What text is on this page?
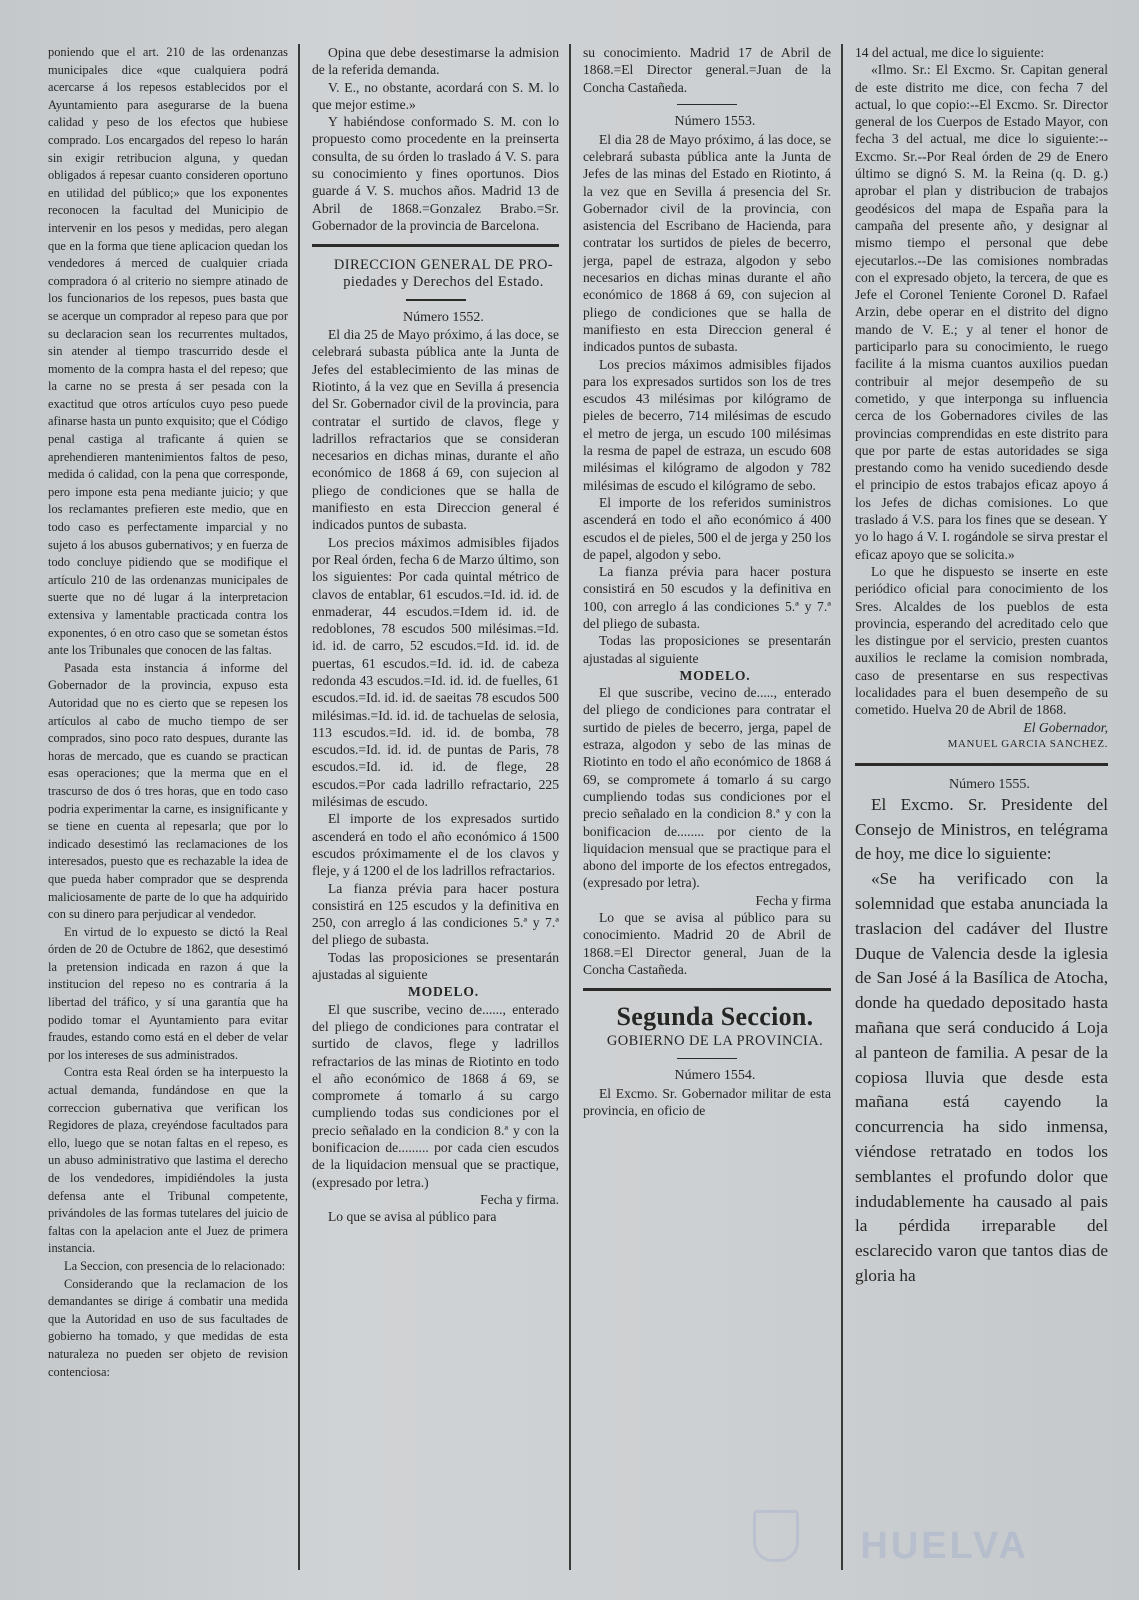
poniendo que el art. 210 de las ordenanzas municipales dice «que cualquiera podrá acercarse á los repesos establecidos por el Ayuntamiento para asegurarse de la buena calidad y peso de los efectos que hubiese comprado. Los encargados del repeso lo harán sin exigir retribucion alguna, y quedan obligados á repesar cuanto consideren oportuno en utilidad del público;» que los exponentes reconocen la facultad del Municipio de intervenir en los pesos y medidas, pero alegan que en la forma que tiene aplicacion quedan los vendedores á merced de cualquier criada compradora ó al criterio no siempre atinado de los funcionarios de los repesos, pues basta que se acerque un comprador al repeso para que por su declaracion sean los recurrentes multados, sin atender al tiempo trascurrido desde el momento de la compra hasta el del repeso; que la carne no se presta á ser pesada con la exactitud que otros artículos cuyo peso puede afinarse hasta un punto exquisito; que el Código penal castiga al traficante á quien se aprehendieren mantenimientos faltos de peso, medida ó calidad, con la pena que corresponde, pero impone esta pena mediante juicio; y que los reclamantes prefieren este medio, que en todo caso es perfectamente imparcial y no sujeto á los abusos gubernativos; y en fuerza de todo concluye pidiendo que se modifique el artículo 210 de las ordenanzas municipales de suerte que no dé lugar á la interpretacion extensiva y lamentable practicada contra los exponentes, ó en otro caso que se sometan éstos ante los Tribunales que conocen de las faltas.

Pasada esta instancia á informe del Gobernador de la provincia, expuso esta Autoridad que no es cierto que se repesen los artículos al cabo de mucho tiempo de ser comprados, sino poco rato despues, durante las horas de mercado, que es cuando se practican esas operaciones; que la merma que en el trascurso de dos ó tres horas, que en todo caso podria experimentar la carne, es insignificante y se tiene en cuenta al repesarla; que por lo indicado desestimó las reclamaciones de los interesados, puesto que es rechazable la idea de que pueda haber comprador que se desprenda maliciosamente de parte de lo que ha adquirido con su dinero para perjudicar al vendedor.

En virtud de lo expuesto se dictó la Real órden de 20 de Octubre de 1862, que desestimó la pretension indicada en razon á que la institucion del repeso no es contraria á la libertad del tráfico, y sí una garantía que ha podido tomar el Ayuntamiento para evitar fraudes, estando como está en el deber de velar por los intereses de sus administrados.

Contra esta Real órden se ha interpuesto la actual demanda, fundándose en que la correccion gubernativa que verifican los Regidores de plaza, creyéndose facultados para ello, luego que se notan faltas en el repeso, es un abuso administrativo que lastima el derecho de los vendedores, impidiéndoles la justa defensa ante el Tribunal competente, privándoles de las formas tutelares del juicio de faltas con la apelacion ante el Juez de primera instancia.

La Seccion, con presencia de lo relacionado:

Considerando que la reclamacion de los demandantes se dirige á combatir una medida que la Autoridad en uso de sus facultades de gobierno ha tomado, y que medidas de esta naturaleza no pueden ser objeto de revision contenciosa:

Opina que debe desestimarse la admision de la referida demanda.

V. E., no obstante, acordará con S. M. lo que mejor estime.»

Y habiéndose conformado S. M. con lo propuesto como procedente en la preinserta consulta, de su órden lo traslado á V. S. para su conocimiento y fines oportunos. Dios guarde á V. S. muchos años. Madrid 13 de Abril de 1868.=Gonzalez Brabo.=Sr. Gobernador de la provincia de Barcelona.

DIRECCION GENERAL DE PRO-

piedades y Derechos del Estado.

Número 1552.

El dia 25 de Mayo próximo, á las doce, se celebrará subasta pública ante la Junta de Jefes del establecimiento de las minas de Riotinto, á la vez que en Sevilla á presencia del Sr. Gobernador civil de la provincia, para contratar el surtido de clavos, flege y ladrillos refractarios que se consideran necesarios en dichas minas, durante el año económico de 1868 á 69, con sujecion al pliego de condiciones que se halla de manifiesto en esta Direccion general é indicados puntos de subasta.

Los precios máximos admisibles fijados por Real órden, fecha 6 de Marzo último, son los siguientes: Por cada quintal métrico de clavos de entablar, 61 escudos.=Id. id. id. de enmaderar, 44 escudos.=Idem id. id. de redoblones, 78 escudos 500 milésimas.=Id. id. id. de carro, 52 escudos.=Id. id. id. de puertas, 61 escudos.=Id. id. id. de cabeza redonda 43 escudos.=Id. id. id. de fuelles, 61 escudos.=Id. id. id. de saeitas 78 escudos 500 milésimas.=Id. id. id. de tachuelas de selosia, 113 escudos.=Id. id. id. de bomba, 78 escudos.=Id. id. id. de puntas de Paris, 78 escudos.=Id. id. id. de flege, 28 escudos.=Por cada ladrillo refractario, 225 milésimas de escudo.

El importe de los expresados surtido ascenderá en todo el año económico á 1500 escudos próximamente el de los clavos y fleje, y á 1200 el de los ladrillos refractarios.

La fianza prévia para hacer postura consistirá en 125 escudos y la definitiva en 250, con arreglo á las condiciones 5.ª y 7.ª del pliego de subasta.

Todas las proposiciones se presentarán ajustadas al siguiente

MODELO.

El que suscribe, vecino de......, enterado del pliego de condiciones para contratar el surtido de clavos, flege y ladrillos refractarios de las minas de Riotinto en todo el año económico de 1868 á 69, se compromete á tomarlo á su cargo cumpliendo todas sus condiciones por el precio señalado en la condicion 8.ª y con la bonificacion de......... por cada cien escudos de la liquidacion mensual que se practique, (expresado por letra.)

Fecha y firma.

Lo que se avisa al público para

su conocimiento. Madrid 17 de Abril de 1868.=El Director general.=Juan de la Concha Castañeda.

Número 1553.

El dia 28 de Mayo próximo, á las doce, se celebrará subasta pública ante la Junta de Jefes de las minas del Estado en Riotinto, á la vez que en Sevilla á presencia del Sr. Gobernador civil de la provincia, con asistencia del Escribano de Hacienda, para contratar los surtidos de pieles de becerro, jerga, papel de estraza, algodon y sebo necesarios en dichas minas durante el año económico de 1868 á 69, con sujecion al pliego de condiciones que se halla de manifiesto en esta Direccion general é indicados puntos de subasta.

Los precios máximos admisibles fijados para los expresados surtidos son los de tres escudos 43 milésimas por kilógramo de pieles de becerro, 714 milésimas de escudo el metro de jerga, un escudo 100 milésimas la resma de papel de estraza, un escudo 608 milésimas el kilógramo de algodon y 782 milésimas de escudo el kilógramo de sebo.

El importe de los referidos suministros ascenderá en todo el año económico á 400 escudos el de pieles, 500 el de jerga y 250 los de papel, algodon y sebo.

La fianza prévia para hacer postura consistirá en 50 escudos y la definitiva en 100, con arreglo á las condiciones 5.ª y 7.ª del pliego de subasta.

Todas las proposiciones se presentarán ajustadas al siguiente

MODELO.

El que suscribe, vecino de....., enterado del pliego de condiciones para contratar el surtido de pieles de becerro, jerga, papel de estraza, algodon y sebo de las minas de Riotinto en todo el año económico de 1868 á 69, se compromete á tomarlo á su cargo cumpliendo todas sus condiciones por el precio señalado en la condicion 8.ª y con la bonificacion de........ por ciento de la liquidacion mensual que se practique para el abono del importe de los efectos entregados, (expresado por letra).

Fecha y firma

Lo que se avisa al público para su conocimiento. Madrid 20 de Abril de 1868.=El Director general, Juan de la Concha Castañeda.

Segunda Seccion.

GOBIERNO DE LA PROVINCIA.

Número 1554.

El Excmo. Sr. Gobernador militar de esta provincia, en oficio de

14 del actual, me dice lo siguiente:

«Ilmo. Sr.: El Excmo. Sr. Capitan general de este distrito me dice, con fecha 7 del actual, lo que copio:--El Excmo. Sr. Director general de los Cuerpos de Estado Mayor, con fecha 3 del actual, me dice lo siguiente:--Excmo. Sr.--Por Real órden de 29 de Enero último se dignó S. M. la Reina (q. D. g.) aprobar el plan y distribucion de trabajos geodésicos del mapa de España para la campaña del presente año, y designar al mismo tiempo el personal que debe ejecutarlos.--De las comisiones nombradas con el expresado objeto, la tercera, de que es Jefe el Coronel Teniente Coronel D. Rafael Arzin, debe operar en el distrito del digno mando de V. E.; y al tener el honor de participarlo para su conocimiento, le ruego facilite á la misma cuantos auxilios puedan contribuir al mejor desempeño de su cometido, y que interponga su influencia cerca de los Gobernadores civiles de las provincias comprendidas en este distrito para que por parte de estas autoridades se siga prestando como ha venido sucediendo desde el principio de estos trabajos eficaz apoyo á los Jefes de dichas comisiones. Lo que traslado á V.S. para los fines que se desean. Y yo lo hago á V. I. rogándole se sirva prestar el eficaz apoyo que se solicita.»

Lo que he dispuesto se inserte en este periódico oficial para conocimiento de los Sres. Alcaldes de los pueblos de esta provincia, esperando del acreditado celo que les distingue por el servicio, presten cuantos auxilios le reclame la comision nombrada, caso de presentarse en sus respectivas localidades para el buen desempeño de su cometido. Huelva 20 de Abril de 1868.

El Gobernador,

MANUEL GARCIA SANCHEZ.

Número 1555.

El Excmo. Sr. Presidente del Consejo de Ministros, en telégrama de hoy, me dice lo siguiente:

«Se ha verificado con la solemnidad que estaba anunciada la traslacion del cadáver del Ilustre Duque de Valencia desde la iglesia de San José á la Basílica de Atocha, donde ha quedado depositado hasta mañana que será conducido á Loja al panteon de familia. A pesar de la copiosa lluvia que desde esta mañana está cayendo la concurrencia ha sido inmensa, viéndose retratado en todos los semblantes el profundo dolor que indudablemente ha causado al pais la pérdida irreparable del esclarecido varon que tantos dias de gloria ha

HUELVA
